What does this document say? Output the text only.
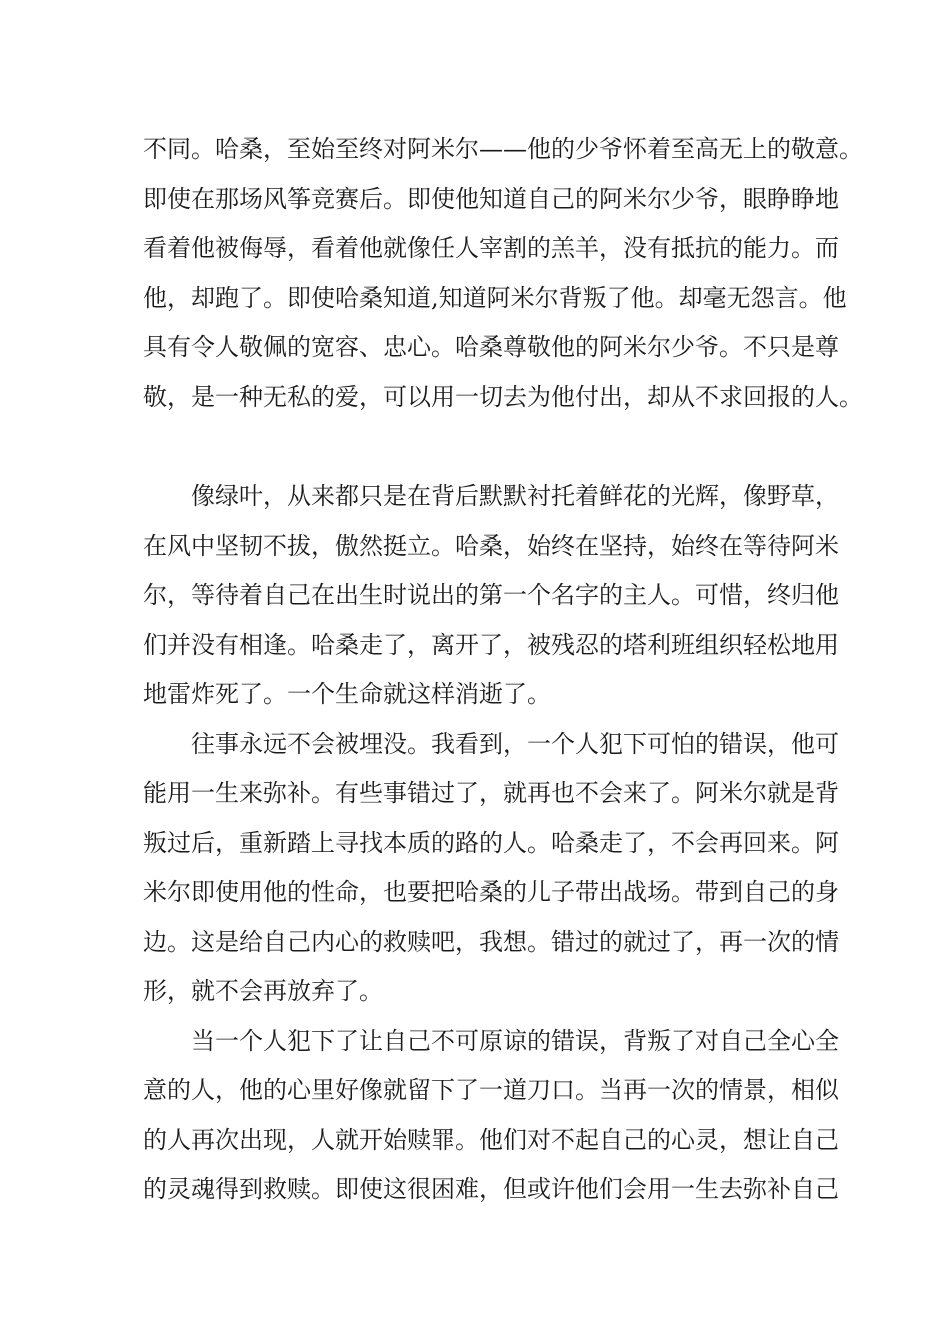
不同。哈桑，至始至终对阿米尔——他的少爷怀着至高无上的敬意。
即使在那场风筝竞赛后。即使他知道自己的阿米尔少爷，眼睁睁地
看着他被侮辱，看着他就像任人宰割的羔羊，没有抵抗的能力。而
他，却跑了。即使哈桑知道,知道阿米尔背叛了他。却毫无怨言。他
具有令人敬佩的宽容、忠心。哈桑尊敬他的阿米尔少爷。不只是尊
敬，是一种无私的爱，可以用一切去为他付出，却从不求回报的人。
　　像绿叶，从来都只是在背后默默衬托着鲜花的光辉，像野草，
在风中坚韧不拔，傲然挺立。哈桑，始终在坚持，始终在等待阿米
尔，等待着自己在出生时说出的第一个名字的主人。可惜，终归他
们并没有相逢。哈桑走了，离开了，被残忍的塔利班组织轻松地用
地雷炸死了。一个生命就这样消逝了。
　　往事永远不会被埋没。我看到，一个人犯下可怕的错误，他可
能用一生来弥补。有些事错过了，就再也不会来了。阿米尔就是背
叛过后，重新踏上寻找本质的路的人。哈桑走了，不会再回来。阿
米尔即使用他的性命，也要把哈桑的儿子带出战场。带到自己的身
边。这是给自己内心的救赎吧，我想。错过的就过了，再一次的情
形，就不会再放弃了。
　　当一个人犯下了让自己不可原谅的错误，背叛了对自己全心全
意的人，他的心里好像就留下了一道刀口。当再一次的情景，相似
的人再次出现，人就开始赎罪。他们对不起自己的心灵，想让自己
的灵魂得到救赎。即使这很困难，但或许他们会用一生去弥补自己
